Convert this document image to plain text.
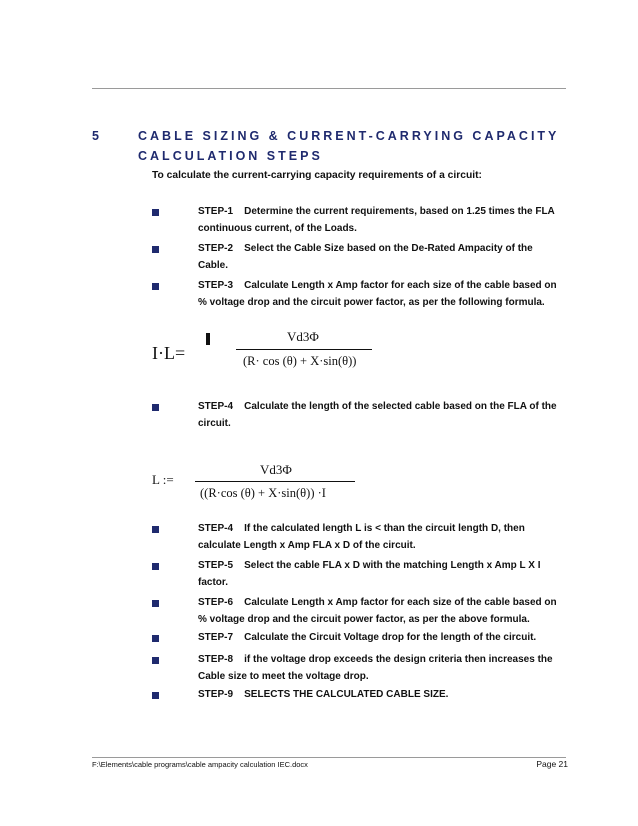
5	CABLE SIZING & CURRENT-CARRYING CAPACITY
CALCULATION STEPS
To calculate the current-carrying capacity requirements of a circuit:
STEP-1 Determine the current requirements, based on 1.25 times the FLA
continuous current, of the Loads.
STEP-2 Select the Cable Size based on the De-Rated Ampacity of the
Cable.
STEP-3 Calculate Length x Amp factor for each size of the cable based on
% voltage drop and the circuit power factor, as per the following formula.
I·L=
Vd3Φ
(R· cos (θ) + X·sin(θ))
STEP-4 Calculate the length of the selected cable based on the FLA of the
circuit.
L :=
Vd3Φ
((R·cos (θ) + X·sin(θ)) ·I
STEP-4 If the calculated length L is < than the circuit length D, then
calculate Length x Amp FLA x D of the circuit.
STEP-5 Select the cable FLA x D with the matching Length x Amp L X I
factor.
STEP-6 Calculate Length x Amp factor for each size of the cable based on
% voltage drop and the circuit power factor, as per the above formula.
STEP-7 Calculate the Circuit Voltage drop for the length of the circuit.
STEP-8 if the voltage drop exceeds the design criteria then increases the
Cable size to meet the voltage drop.
STEP-9 SELECTS THE CALCULATED CABLE SIZE.
F:\Elements\cable programs\cable ampacity calculation IEC.docx	Page 21
